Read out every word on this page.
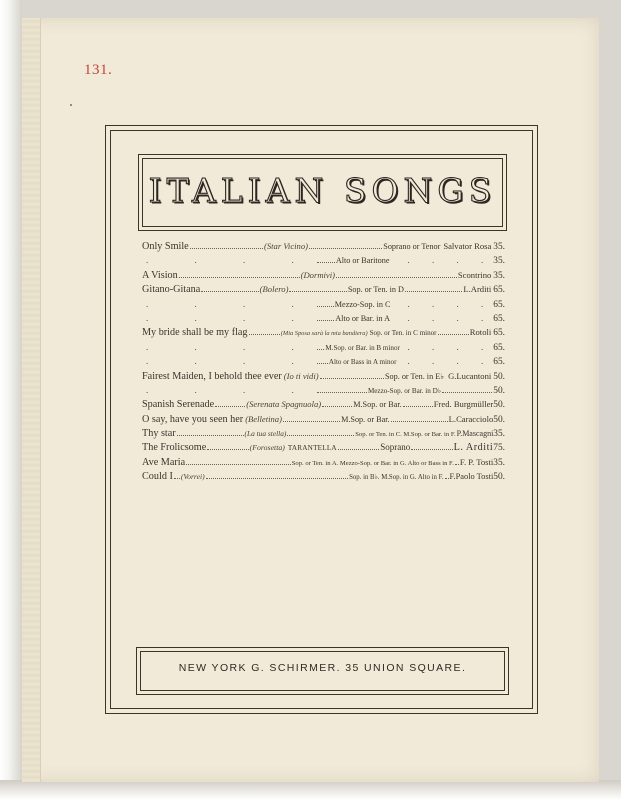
131.
ITALIAN SONGS
Only Smile	(Star Vicino)	Soprano or Tenor Salvator Rosa 35.
. . . . Alto or Baritone . . . . 35.
A Vision	(Dormivi)	Scontrino 35.
Gitano-Gitana	(Bolero)	Sop. or Ten. in D	L.Arditi 65.
. . . . Mezzo-Sop. in C . . . . 65.
. . . . Alto or Bar. in A . . . . 65.
My bride shall be my flag	(Mia Sposa sarà la mia bandiera) Sop. or Ten. in C minor	Rotoli 65.
. . . . M.Sop. or Bar. in B minor . . . . 65.
. . . . Alto or Bass in A minor . . . . 65.
Fairest Maiden, I behold thee ever (Io ti vidi)	Sop. or Ten. in E♭ G.Lucantoni 50.
. . . .	Mezzo-Sop. or Bar. in D♭	50.
Spanish Serenade	(Serenata Spagnuola)	M.Sop. or Bar.	Fred. Burgmüller 50.
O say, have you seen her (Belletina)	M.Sop. or Bar.	L.Caracciolo 50.
Thy star	(La tua stella)	Sop. or Ten. in C. M.Sop. or Bar. in F. P.Mascagni 35.
The Frolicsome	(Forosetta) TARANTELLA	Soprano	L. Arditi 75.
Ave Maria	Sop. or Ten. in A. Mezzo-Sop. or Bar. in G. Alto or Bass in F. F. P. Tosti 35.
Could I (Vorrei)	Sop. in B♭. M.Sop. in G. Alto in F. F.Paolo Tosti 50.
NEW YORK G. SCHIRMER. 35 UNION SQUARE.
